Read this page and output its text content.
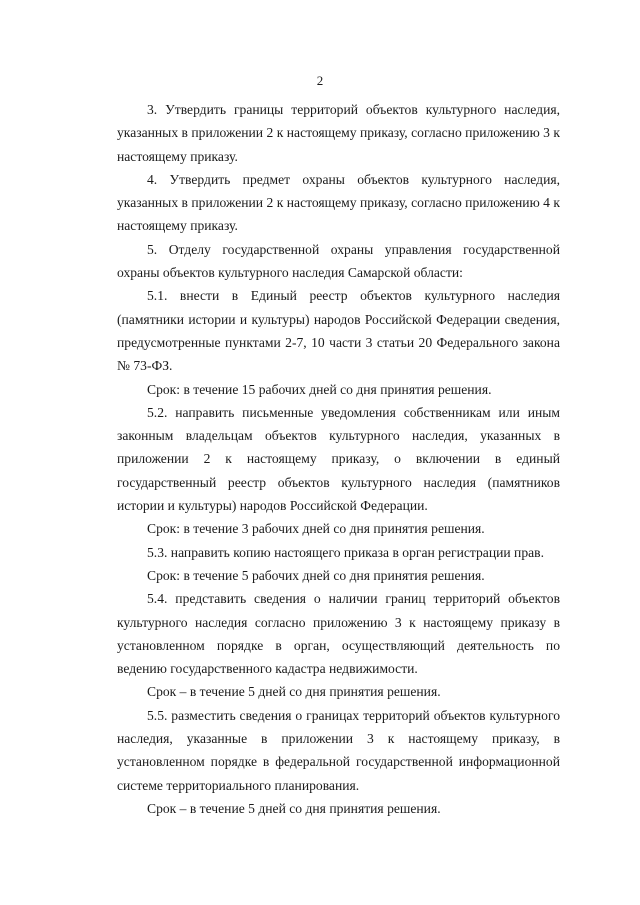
2

3. Утвердить границы территорий объектов культурного наследия, указанных в приложении 2 к настоящему приказу, согласно приложению 3 к настоящему приказу.

4. Утвердить предмет охраны объектов культурного наследия, указанных в приложении 2 к настоящему приказу, согласно приложению 4 к настоящему приказу.

5. Отделу государственной охраны управления государственной охраны объектов культурного наследия Самарской области:

5.1. внести в Единый реестр объектов культурного наследия (памятники истории и культуры) народов Российской Федерации сведения, предусмотренные пунктами 2-7, 10 части 3 статьи 20 Федерального закона № 73-ФЗ.

Срок: в течение 15 рабочих дней со дня принятия решения.

5.2. направить письменные уведомления собственникам или иным законным владельцам объектов культурного наследия, указанных в приложении 2 к настоящему приказу, о включении в единый государственный реестр объектов культурного наследия (памятников истории и культуры) народов Российской Федерации.

Срок: в течение 3 рабочих дней со дня принятия решения.

5.3. направить копию настоящего приказа в орган регистрации прав.

Срок: в течение 5 рабочих дней со дня принятия решения.

5.4. представить сведения о наличии границ территорий объектов культурного наследия согласно приложению 3 к настоящему приказу в установленном порядке в орган, осуществляющий деятельность по ведению государственного кадастра недвижимости.

Срок – в течение 5 дней со дня принятия решения.

5.5. разместить сведения о границах территорий объектов культурного наследия, указанные в приложении 3 к настоящему приказу, в установленном порядке в федеральной государственной информационной системе территориального планирования.

Срок – в течение 5 дней со дня принятия решения.
